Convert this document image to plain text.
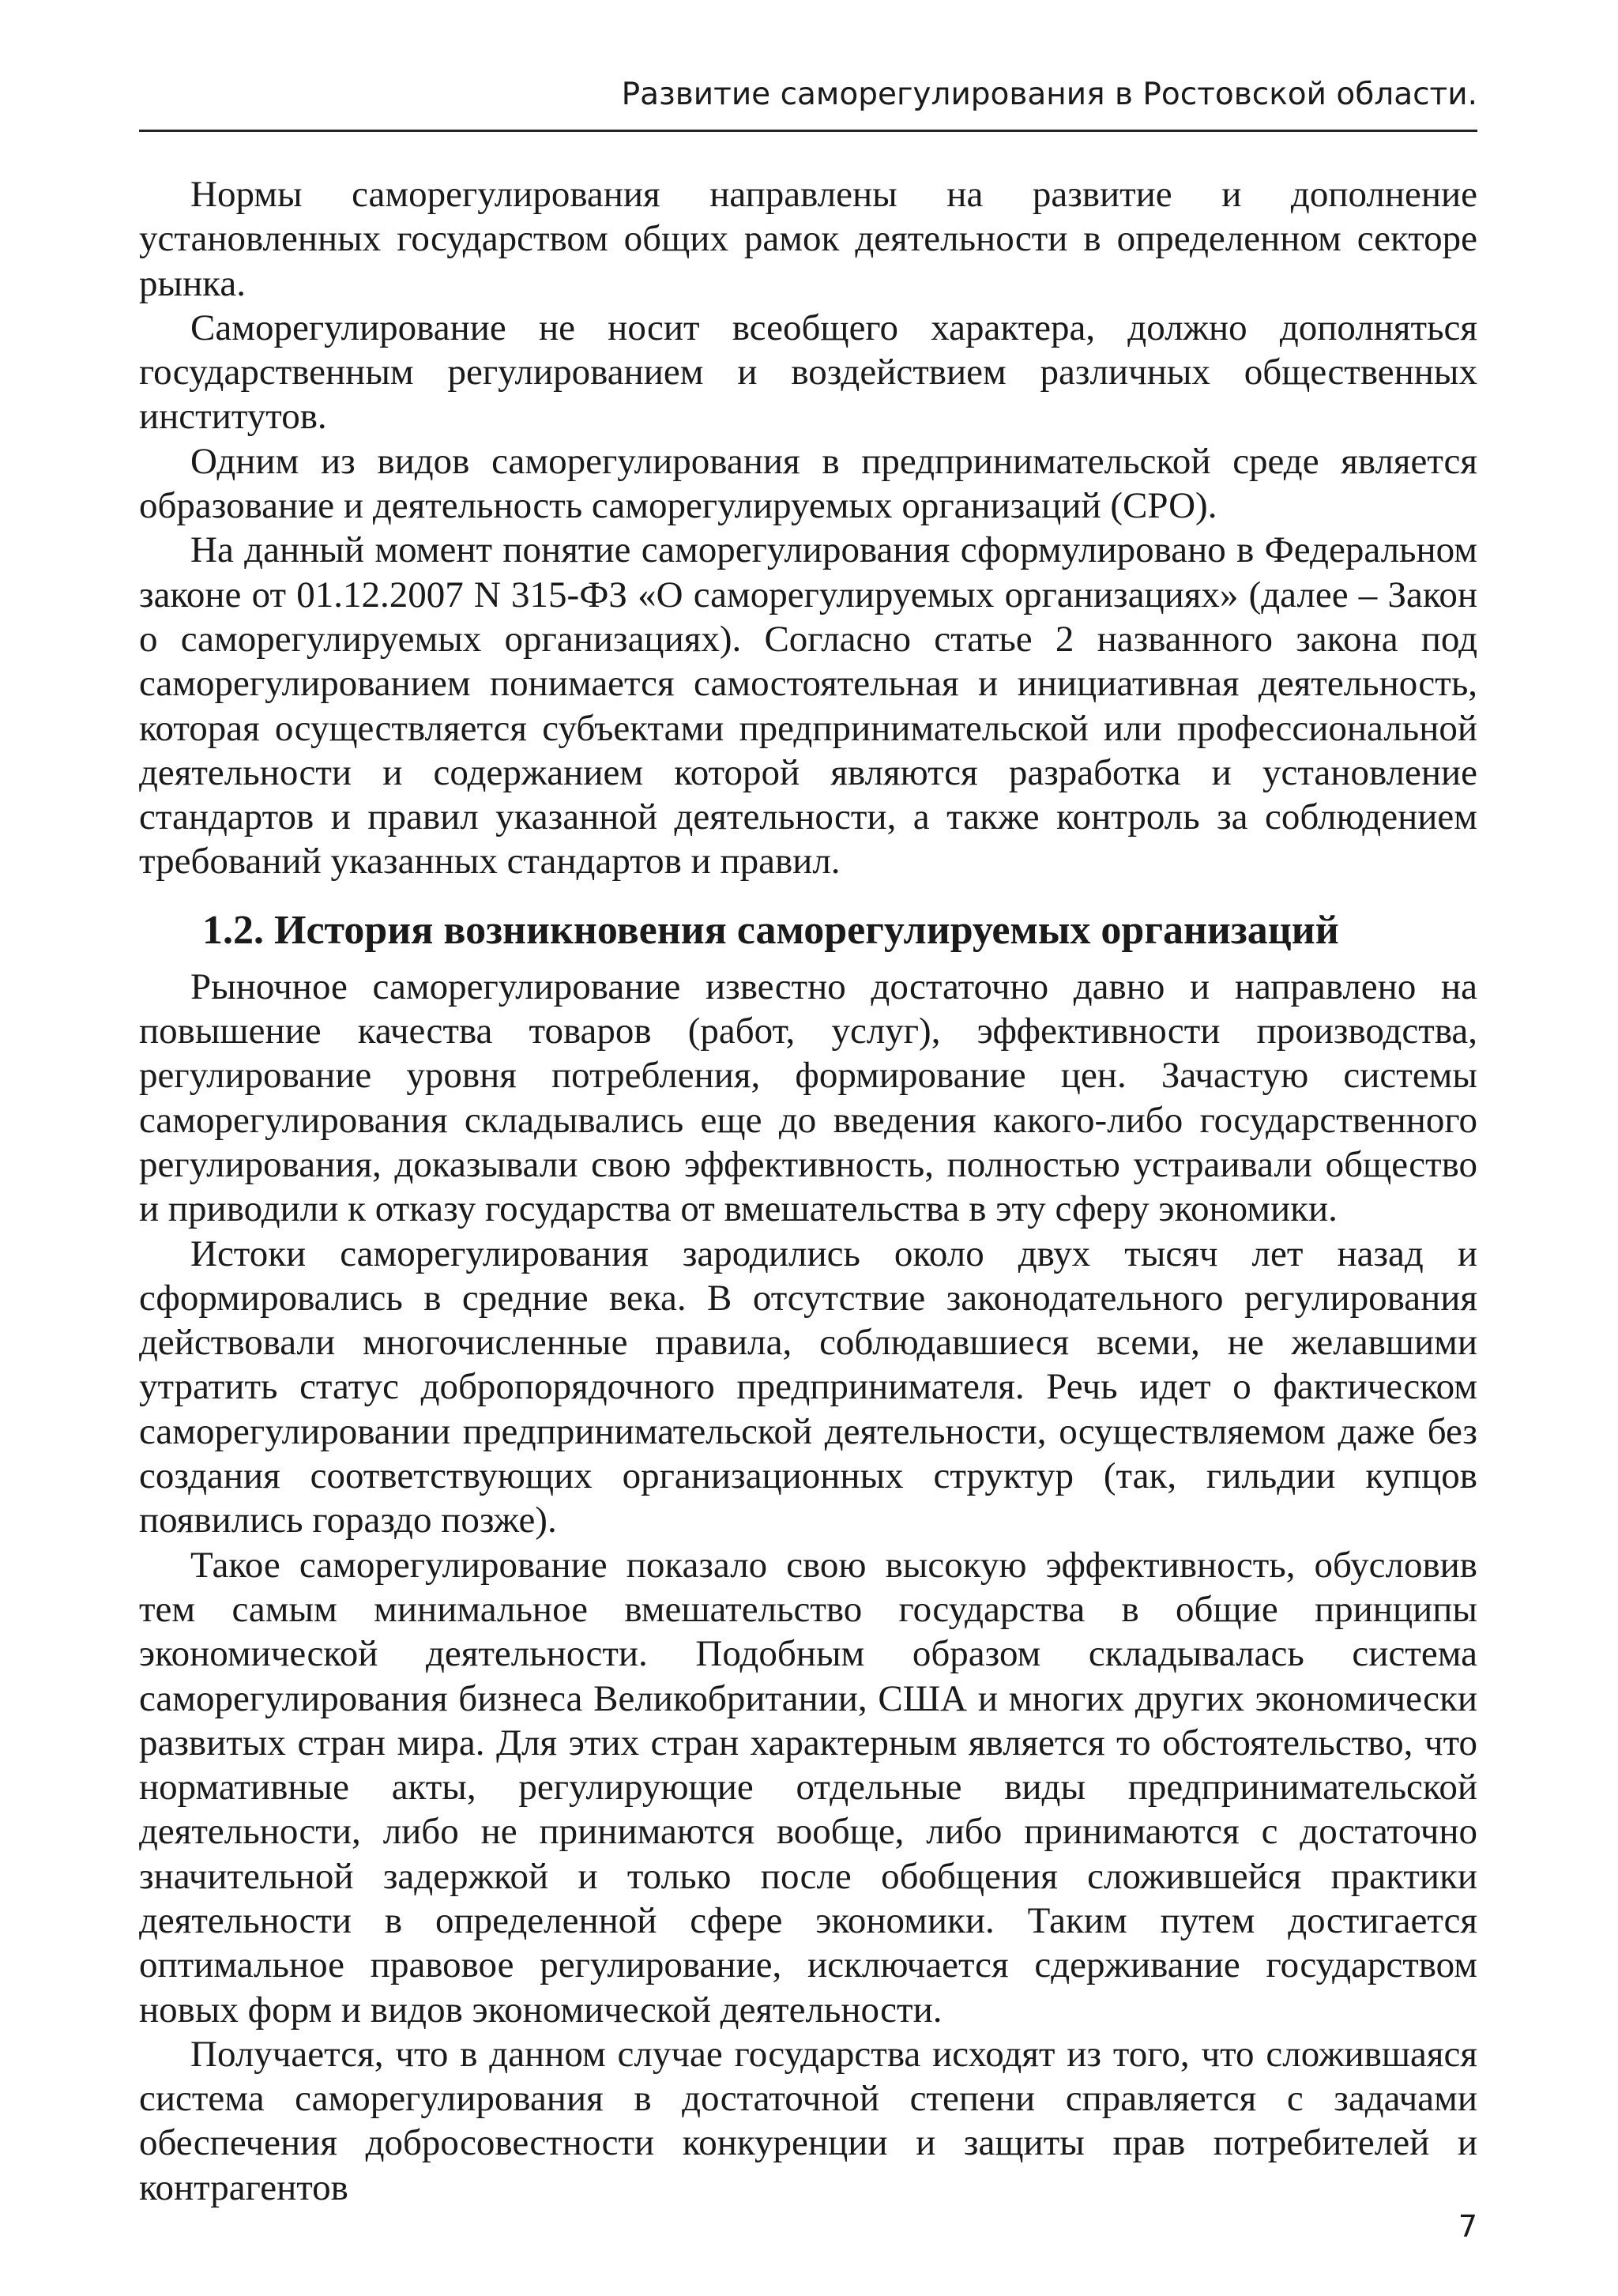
Развитие саморегулирования в Ростовской области.

Нормы саморегулирования направлены на развитие и дополнение установленных государством общих рамок деятельности в определенном секторе рынка.

Саморегулирование не носит всеобщего характера, должно дополняться государственным регулированием и воздействием различных общественных институтов.

Одним из видов саморегулирования в предпринимательской среде является образование и деятельность саморегулируемых организаций (СРО).

На данный момент понятие саморегулирования сформулировано в Федеральном законе от 01.12.2007 N 315-ФЗ «О саморегулируемых организациях» (далее – Закон о саморегулируемых организациях). Согласно статье 2 названного закона под саморегулированием понимается самостоятельная и инициативная деятельность, которая осуществляется субъектами предпринимательской или профессиональной деятельности и содержанием которой являются разработка и установление стандартов и правил указанной деятельности, а также контроль за соблюдением требований указанных стандартов и правил.

1.2. История возникновения саморегулируемых организаций

Рыночное саморегулирование известно достаточно давно и направлено на повышение качества товаров (работ, услуг), эффективности производства, регулирование уровня потребления, формирование цен. Зачастую системы саморегулирования складывались еще до введения какого-либо государственного регулирования, доказывали свою эффективность, полностью устраивали общество и приводили к отказу государства от вмешательства в эту сферу экономики.

Истоки саморегулирования зародились около двух тысяч лет назад и сформировались в средние века. В отсутствие законодательного регулирования действовали многочисленные правила, соблюдавшиеся всеми, не желавшими утратить статус добропорядочного предпринимателя. Речь идет о фактическом саморегулировании предпринимательской деятельности, осуществляемом даже без создания соответствующих организационных структур (так, гильдии купцов появились гораздо позже).

Такое саморегулирование показало свою высокую эффективность, обусловив тем самым минимальное вмешательство государства в общие принципы экономической деятельности. Подобным образом складывалась система саморегулирования бизнеса Великобритании, США и многих других экономически развитых стран мира. Для этих стран характерным является то обстоятельство, что нормативные акты, регулирующие отдельные виды предпринимательской деятельности, либо не принимаются вообще, либо принимаются с достаточно значительной задержкой и только после обобщения сложившейся практики деятельности в определенной сфере экономики. Таким путем достигается оптимальное правовое регулирование, исключается сдерживание государством новых форм и видов экономической деятельности.

Получается, что в данном случае государства исходят из того, что сложившаяся система саморегулирования в достаточной степени справляется с задачами обеспечения добросовестности конкуренции и защиты прав потребителей и контрагентов

7
